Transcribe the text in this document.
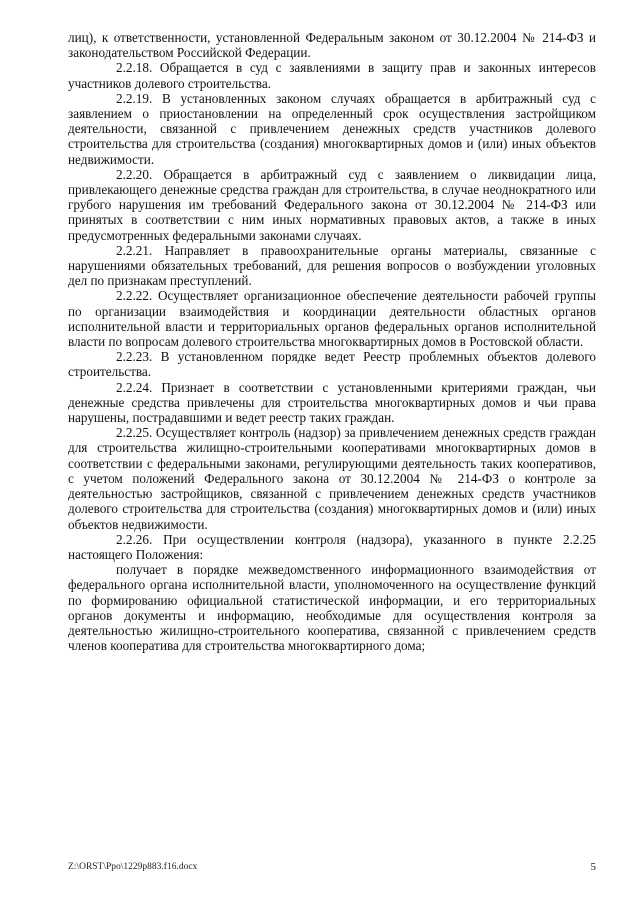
лиц), к ответственности, установленной Федеральным законом от 30.12.2004 № 214-ФЗ и законодательством Российской Федерации.

2.2.18. Обращается в суд с заявлениями в защиту прав и законных интересов участников долевого строительства.

2.2.19. В установленных законом случаях обращается в арбитражный суд с заявлением о приостановлении на определенный срок осуществления застройщиком деятельности, связанной с привлечением денежных средств участников долевого строительства для строительства (создания) многоквартирных домов и (или) иных объектов недвижимости.

2.2.20. Обращается в арбитражный суд с заявлением о ликвидации лица, привлекающего денежные средства граждан для строительства, в случае неоднократного или грубого нарушения им требований Федерального закона от 30.12.2004 № 214-ФЗ или принятых в соответствии с ним иных нормативных правовых актов, а также в иных предусмотренных федеральными законами случаях.

2.2.21. Направляет в правоохранительные органы материалы, связанные с нарушениями обязательных требований, для решения вопросов о возбуждении уголовных дел по признакам преступлений.

2.2.22. Осуществляет организационное обеспечение деятельности рабочей группы по организации взаимодействия и координации деятельности областных органов исполнительной власти и территориальных органов федеральных органов исполнительной власти по вопросам долевого строительства многоквартирных домов в Ростовской области.

2.2.23. В установленном порядке ведет Реестр проблемных объектов долевого строительства.

2.2.24. Признает в соответствии с установленными критериями граждан, чьи денежные средства привлечены для строительства многоквартирных домов и чьи права нарушены, пострадавшими и ведет реестр таких граждан.

2.2.25. Осуществляет контроль (надзор) за привлечением денежных средств граждан для строительства жилищно-строительными кооперативами многоквартирных домов в соответствии с федеральными законами, регулирующими деятельность таких кооперативов, с учетом положений Федерального закона от 30.12.2004 № 214-ФЗ о контроле за деятельностью застройщиков, связанной с привлечением денежных средств участников долевого строительства для строительства (создания) многоквартирных домов и (или) иных объектов недвижимости.

2.2.26. При осуществлении контроля (надзора), указанного в пункте 2.2.25 настоящего Положения:

получает в порядке межведомственного информационного взаимодействия от федерального органа исполнительной власти, уполномоченного на осуществление функций по формированию официальной статистической информации, и его территориальных органов документы и информацию, необходимые для осуществления контроля за деятельностью жилищно-строительного кооператива, связанной с привлечением средств членов кооператива для строительства многоквартирного дома;

Z:\ORST\Ppo\1229p883.f16.docx	5
